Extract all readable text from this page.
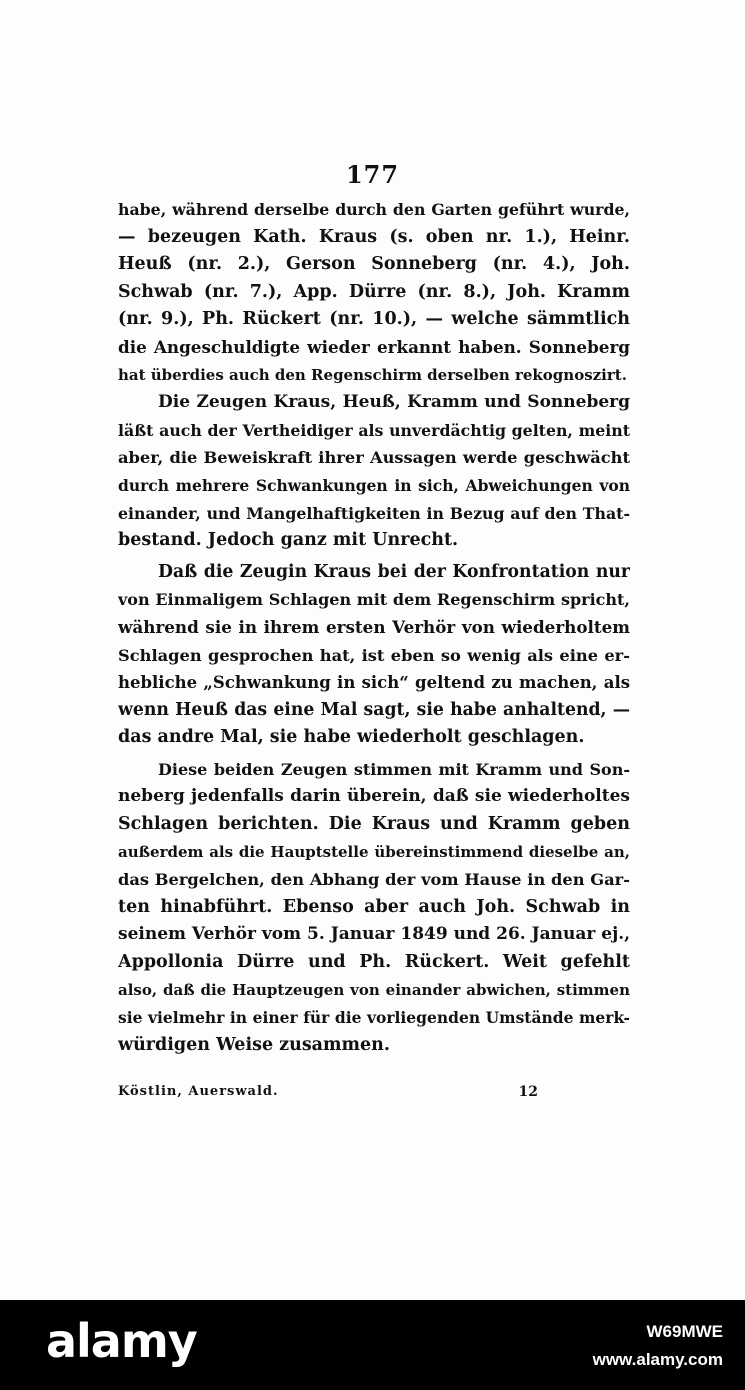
177
habe, während derselbe durch den Garten geführt wurde,
— bezeugen Kath. Kraus (s. oben nr. 1.), Heinr.
Heuß (nr. 2.), Gerson Sonneberg (nr. 4.), Joh.
Schwab (nr. 7.), App. Dürre (nr. 8.), Joh. Kramm
(nr. 9.), Ph. Rückert (nr. 10.), — welche sämmtlich
die Angeschuldigte wieder erkannt haben. Sonneberg
hat überdies auch den Regenschirm derselben rekognoszirt.
Die Zeugen Kraus, Heuß, Kramm und Sonneberg
läßt auch der Vertheidiger als unverdächtig gelten, meint
aber, die Beweiskraft ihrer Aussagen werde geschwächt
durch mehrere Schwankungen in sich, Abweichungen von
einander, und Mangelhaftigkeiten in Bezug auf den That-
bestand. Jedoch ganz mit Unrecht.
Daß die Zeugin Kraus bei der Konfrontation nur
von Einmaligem Schlagen mit dem Regenschirm spricht,
während sie in ihrem ersten Verhör von wiederholtem
Schlagen gesprochen hat, ist eben so wenig als eine er-
hebliche „Schwankung in sich“ geltend zu machen, als
wenn Heuß das eine Mal sagt, sie habe anhaltend, —
das andre Mal, sie habe wiederholt geschlagen.
Diese beiden Zeugen stimmen mit Kramm und Son-
neberg jedenfalls darin überein, daß sie wiederholtes
Schlagen berichten. Die Kraus und Kramm geben
außerdem als die Hauptstelle übereinstimmend dieselbe an,
das Bergelchen, den Abhang der vom Hause in den Gar-
ten hinabführt. Ebenso aber auch Joh. Schwab in
seinem Verhör vom 5. Januar 1849 und 26. Januar ej.,
Appollonia Dürre und Ph. Rückert. Weit gefehlt
also, daß die Hauptzeugen von einander abwichen, stimmen
sie vielmehr in einer für die vorliegenden Umstände merk-
würdigen Weise zusammen.
Köstlin, Auerswald.	12
alamy	W69MWE
www.alamy.com
